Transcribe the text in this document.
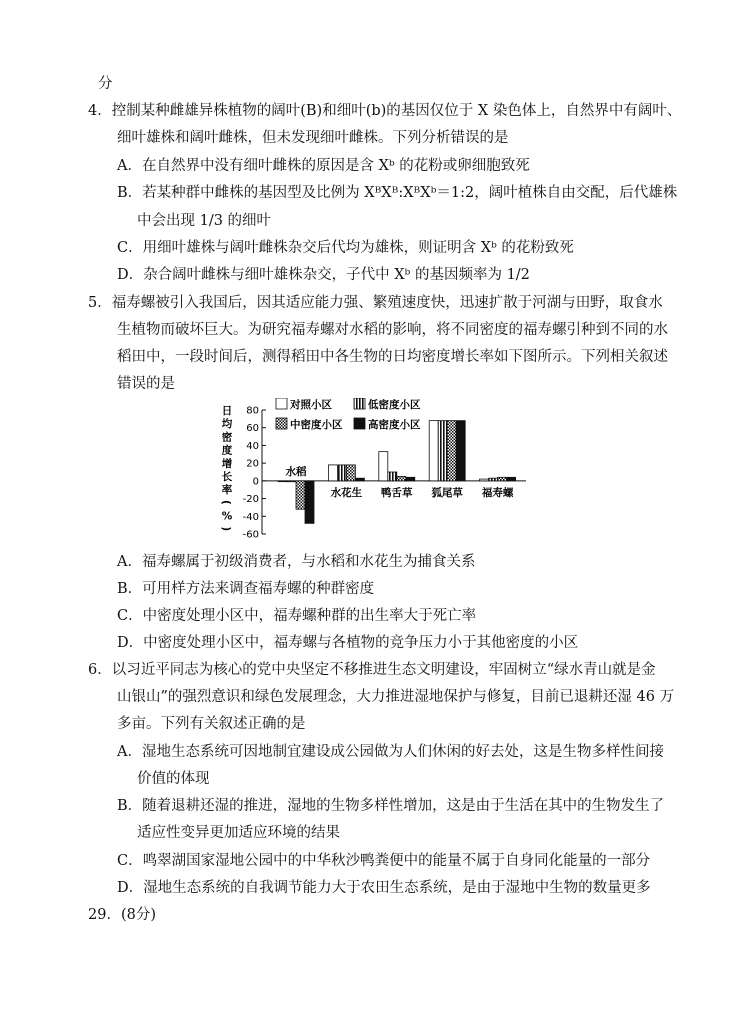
分
4．控制某种雌雄异株植物的阔叶(B)和细叶(b)的基因仅位于 X 染色体上，自然界中有阔叶、
细叶雄株和阔叶雌株，但未发现细叶雌株。下列分析错误的是
A．在自然界中没有细叶雌株的原因是含 Xᵇ 的花粉或卵细胞致死
B．若某种群中雌株的基因型及比例为 XᴮXᴮ:XᴮXᵇ＝1:2，阔叶植株自由交配，后代雄株
中会出现 1/3 的细叶
C．用细叶雄株与阔叶雌株杂交后代均为雄株，则证明含 Xᵇ 的花粉致死
D．杂合阔叶雌株与细叶雄株杂交，子代中 Xᵇ 的基因频率为 1/2
5．福寿螺被引入我国后，因其适应能力强、繁殖速度快，迅速扩散于河湖与田野，取食水
生植物而破坏巨大。为研究福寿螺对水稻的影响，将不同密度的福寿螺引种到不同的水
稻田中，一段时间后，测得稻田中各生物的日均密度增长率如下图所示。下列相关叙述
错误的是
A．福寿螺属于初级消费者，与水稻和水花生为捕食关系
B．可用样方法来调查福寿螺的种群密度
C．中密度处理小区中，福寿螺种群的出生率大于死亡率
D．中密度处理小区中，福寿螺与各植物的竞争压力小于其他密度的小区
6．以习近平同志为核心的党中央坚定不移推进生态文明建设，牢固树立“绿水青山就是金
山银山”的强烈意识和绿色发展理念，大力推进湿地保护与修复，目前已退耕还湿 46 万
多亩。下列有关叙述正确的是
A．湿地生态系统可因地制宜建设成公园做为人们休闲的好去处，这是生物多样性间接
价值的体现
B．随着退耕还湿的推进，湿地的生物多样性增加，这是由于生活在其中的生物发生了
适应性变异更加适应环境的结果
C．鸣翠湖国家湿地公园中的中华秋沙鸭粪便中的能量不属于自身同化能量的一部分
D．湿地生态系统的自我调节能力大于农田生态系统，是由于湿地中生物的数量更多
29．(8分)
日
均
密
度
增
长
率
(
%
)
80
60
40
20
0
-20
-40
-60
水稻
水花生 鸭舌草 狐尾草 福寿螺
对照小区	低密度小区
中密度小区 高密度小区
